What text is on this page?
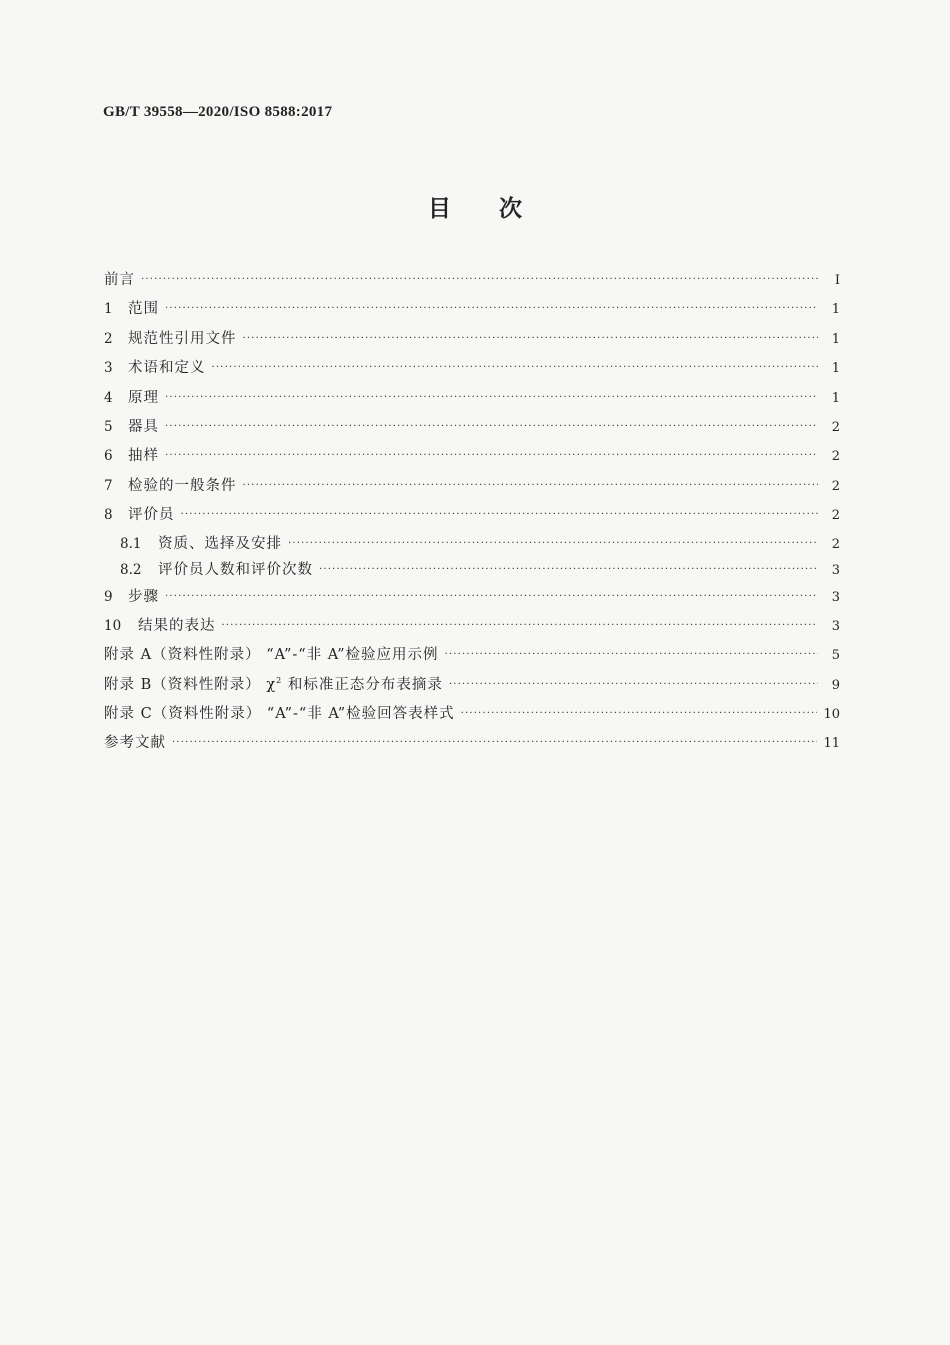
GB/T 39558—2020/ISO 8588:2017
目 次
前言 ·····	I
1	范围 ·····	1
2	规范性引用文件 ·····	1
3	术语和定义 ·····	1
4	原理 ·····	1
5	器具 ·····	2
6	抽样 ·····	2
7	检验的一般条件 ·····	2
8	评价员 ·····	2
8.1	资质、选择及安排 ·····	2
8.2	评价员人数和评价次数 ·····	3
9	步骤 ·····	3
10	结果的表达 ·····	3
附录 A（资料性附录） “A”-“非 A”检验应用示例 ·····	5
附录 B（资料性附录） $\chi^2$ 和标准正态分布表摘录 ·····	9
附录 C（资料性附录） “A”-“非 A”检验回答表样式 ·····	10
参考文献 ·····	11
